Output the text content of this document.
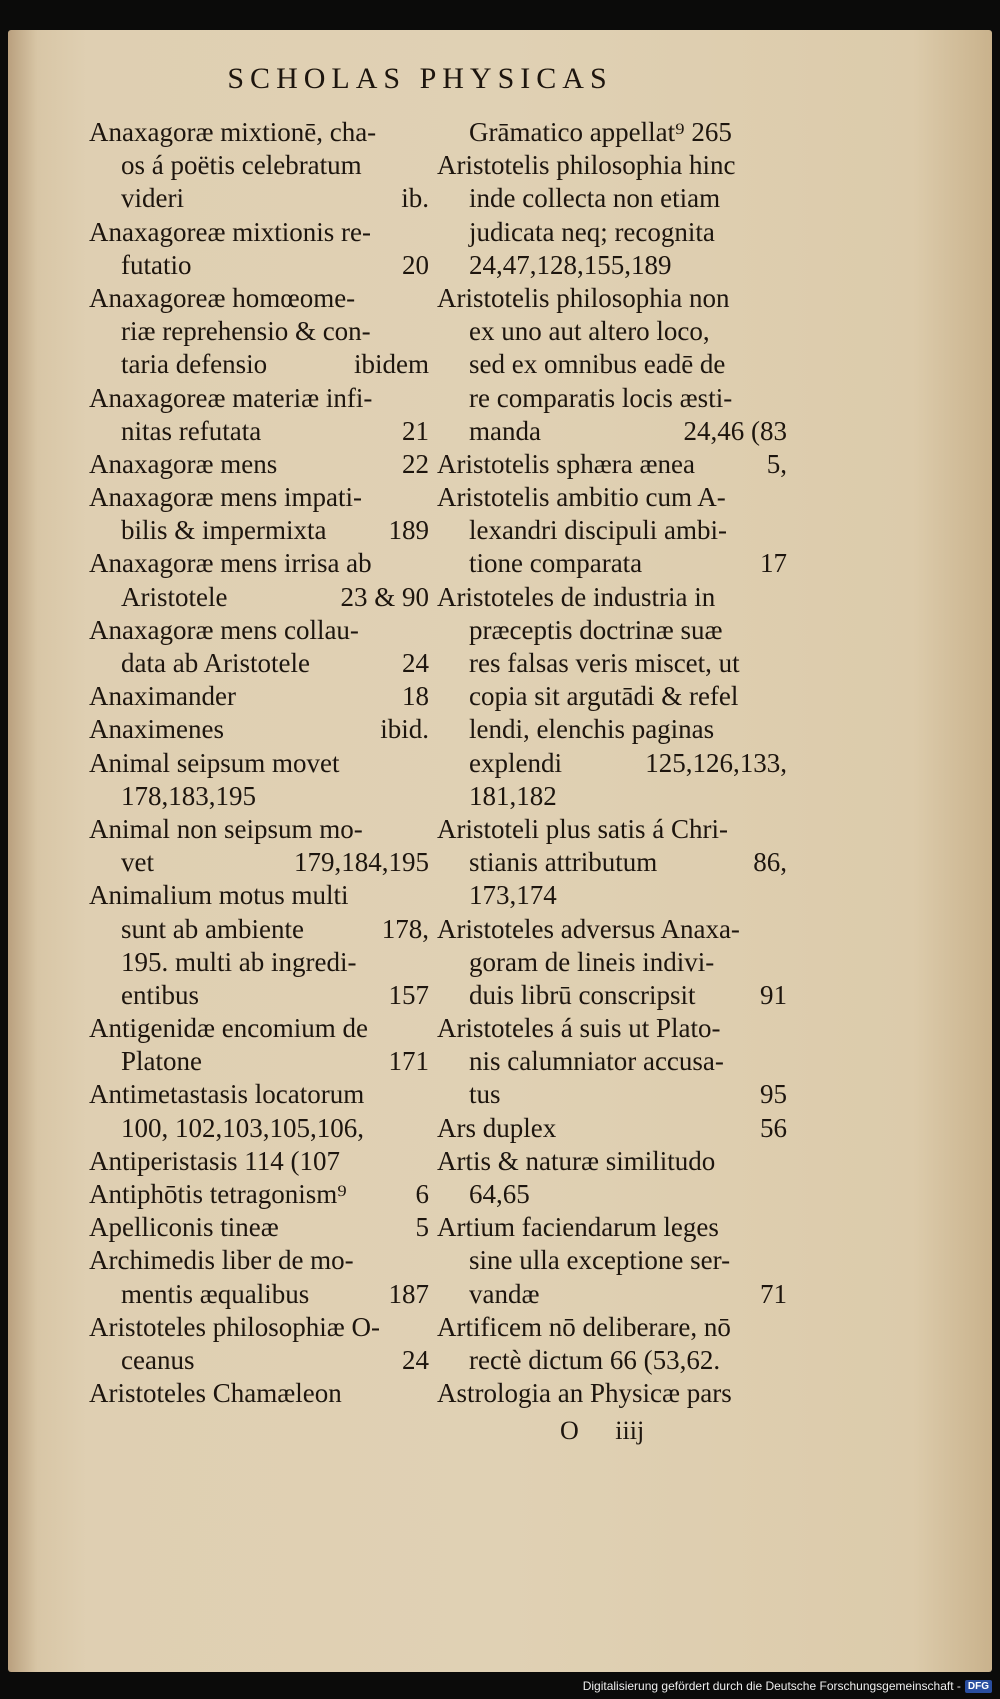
SCHOLAS PHYSICAS
Anaxagoræ mixtionē, cha-
os á poëtis celebratum
videri	ib.
Anaxagoreæ mixtionis re-
futatio	20
Anaxagoreæ homœome-
riæ reprehensio & con-
taria defensio	ibidem
Anaxagoreæ materiæ infi-
nitas refutata	21
Anaxagoræ mens	22
Anaxagoræ mens impati-
bilis & impermixta 189
Anaxagoræ mens irrisa ab
Aristotele	23 & 90
Anaxagoræ mens collau-
data ab Aristotele	24
Anaximander	18
Anaximenes	ibid.
Animal seipsum movet
178,183,195
Animal non seipsum mo-
vet	179,184,195
Animalium motus multi
sunt ab ambiente	178,
195. multi ab ingredi-
entibus	157
Antigenidæ encomium de
Platone	171
Antimetastasis locatorum
100, 102,103,105,106,
Antiperistasis 114 (107
Antiphōtis tetragonism⁹	6
Apelliconis tineæ	5
Archimedis liber de mo-
mentis æqualibus	187
Aristoteles philosophiæ O-
ceanus	24
Aristoteles Chamæleon
Grāmatico appellat⁹ 265
Aristotelis philosophia hinc
inde collecta non etiam
judicata neq; recognita
24,47,128,155,189
Aristotelis philosophia non
ex uno aut altero loco,
sed ex omnibus eadē de
re comparatis locis æsti-
manda	24,46 (83
Aristotelis sphæra ænea	5,
Aristotelis ambitio cum A-
lexandri discipuli ambi-
tione comparata	17
Aristoteles de industria in
præceptis doctrinæ suæ
res falsas veris miscet, ut
copia sit argutādi & refel
lendi, elenchis paginas
explendi	125,126,133,
181,182
Aristoteli plus satis á Chri-
stianis attributum	86,
173,174
Aristoteles adversus Anaxa-
goram de lineis indivi-
duis librū conscripsit 91
Aristoteles á suis ut Plato-
nis calumniator accusa-
tus	95
Ars duplex	56
Artis & naturæ similitudo
64,65
Artium faciendarum leges
sine ulla exceptione ser-
vandæ	71
Artificem nō deliberare, nō
rectè dictum 66 (53,62.
Astrologia an Physicæ pars
O iiij
Digitalisierung gefördert durch die Deutsche Forschungsgemeinschaft - DFG
